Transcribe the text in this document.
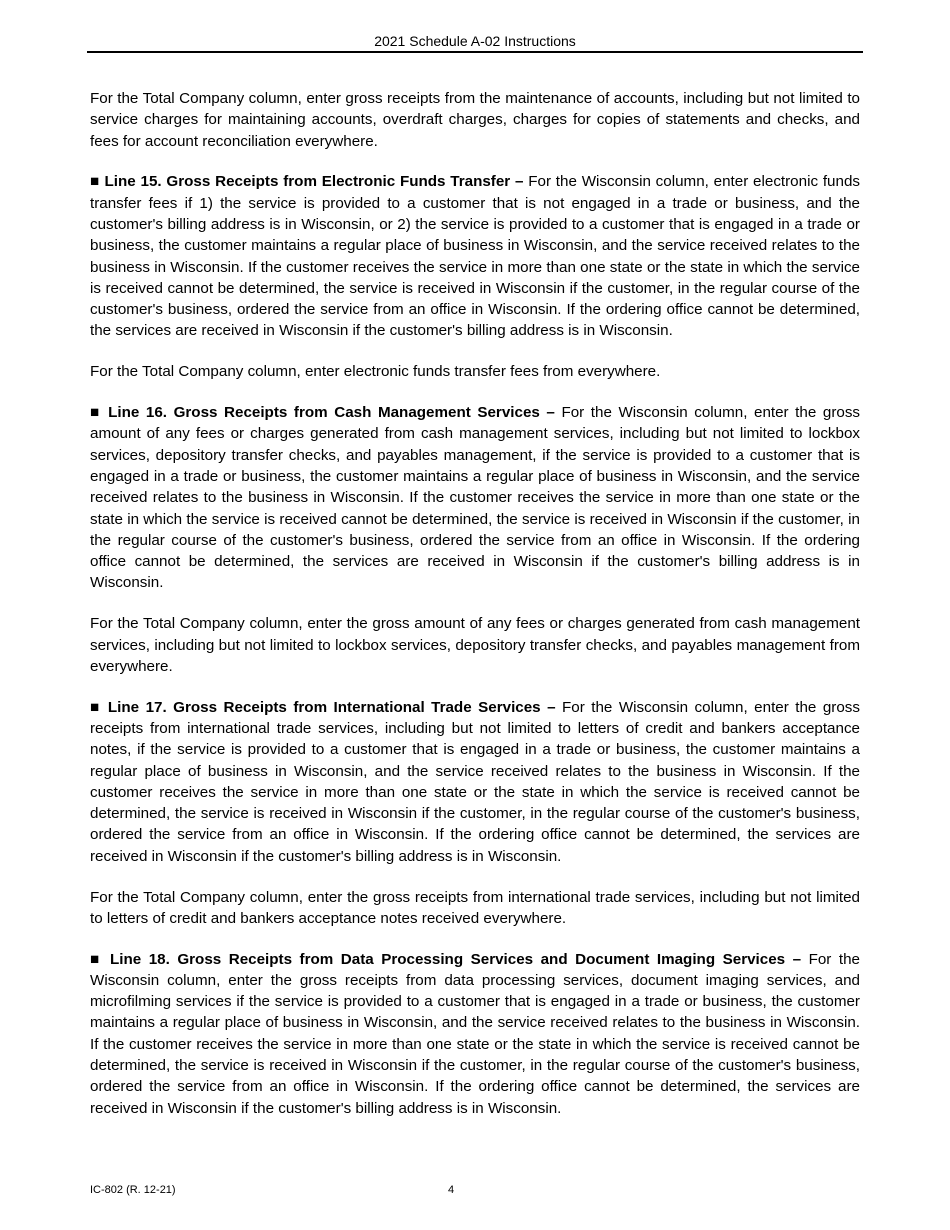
2021 Schedule A-02 Instructions

For the Total Company column, enter gross receipts from the maintenance of accounts, including but not limited to service charges for maintaining accounts, overdraft charges, charges for copies of statements and checks, and fees for account reconciliation everywhere.

■ Line 15. Gross Receipts from Electronic Funds Transfer – For the Wisconsin column, enter electronic funds transfer fees if 1) the service is provided to a customer that is not engaged in a trade or business, and the customer's billing address is in Wisconsin, or 2) the service is provided to a customer that is engaged in a trade or business, the customer maintains a regular place of business in Wisconsin, and the service received relates to the business in Wisconsin. If the customer receives the service in more than one state or the state in which the service is received cannot be determined, the service is received in Wisconsin if the customer, in the regular course of the customer's business, ordered the service from an office in Wisconsin. If the ordering office cannot be determined, the services are received in Wisconsin if the customer's billing address is in Wisconsin.

For the Total Company column, enter electronic funds transfer fees from everywhere.

■ Line 16. Gross Receipts from Cash Management Services – For the Wisconsin column, enter the gross amount of any fees or charges generated from cash management services, including but not limited to lockbox services, depository transfer checks, and payables management, if the service is provided to a customer that is engaged in a trade or business, the customer maintains a regular place of business in Wisconsin, and the service received relates to the business in Wisconsin. If the customer receives the service in more than one state or the state in which the service is received cannot be determined, the service is received in Wisconsin if the customer, in the regular course of the customer's business, ordered the service from an office in Wisconsin. If the ordering office cannot be determined, the services are received in Wisconsin if the customer's billing address is in Wisconsin.

For the Total Company column, enter the gross amount of any fees or charges generated from cash management services, including but not limited to lockbox services, depository transfer checks, and payables management from everywhere.

■ Line 17. Gross Receipts from International Trade Services – For the Wisconsin column, enter the gross receipts from international trade services, including but not limited to letters of credit and bankers acceptance notes, if the service is provided to a customer that is engaged in a trade or business, the customer maintains a regular place of business in Wisconsin, and the service received relates to the business in Wisconsin. If the customer receives the service in more than one state or the state in which the service is received cannot be determined, the service is received in Wisconsin if the customer, in the regular course of the customer's business, ordered the service from an office in Wisconsin. If the ordering office cannot be determined, the services are received in Wisconsin if the customer's billing address is in Wisconsin.

For the Total Company column, enter the gross receipts from international trade services, including but not limited to letters of credit and bankers acceptance notes received everywhere.

■ Line 18. Gross Receipts from Data Processing Services and Document Imaging Services – For the Wisconsin column, enter the gross receipts from data processing services, document imaging services, and microfilming services if the service is provided to a customer that is engaged in a trade or business, the customer maintains a regular place of business in Wisconsin, and the service received relates to the business in Wisconsin. If the customer receives the service in more than one state or the state in which the service is received cannot be determined, the service is received in Wisconsin if the customer, in the regular course of the customer's business, ordered the service from an office in Wisconsin. If the ordering office cannot be determined, the services are received in Wisconsin if the customer's billing address is in Wisconsin.

IC-802 (R. 12-21)	4
